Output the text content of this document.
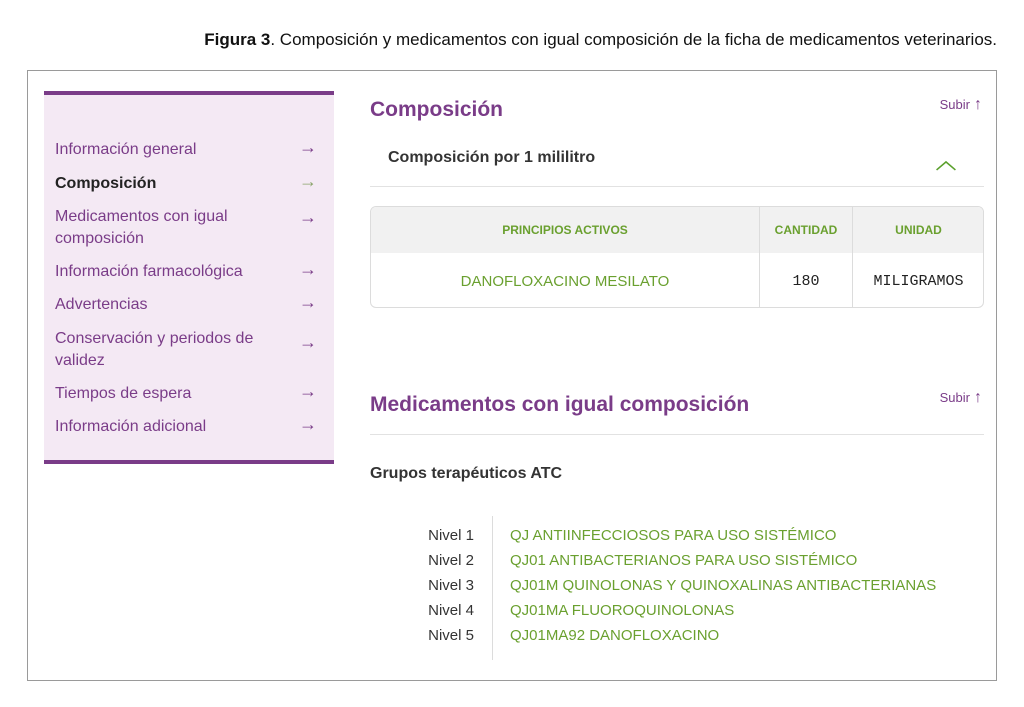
Figura 3. Composición y medicamentos con igual composición de la ficha de medicamentos veterinarios.
Información general	→
Composición	→
Medicamentos con igual composición
→
Información farmacológica	→
Advertencias	→
Conservación y periodos de validez
→
Tiempos de espera	→
Información adicional	→
Composición	Subir ↑
Composición por 1 mililitro	︿
PRINCIPIOS ACTIVOS	CANTIDAD	UNIDAD
DANOFLOXACINO MESILATO	180	MILIGRAMOS
Medicamentos con igual composición	Subir ↑
Grupos terapéuticos ATC
Nivel 1 QJ ANTIINFECCIOSOS PARA USO SISTÉMICO
Nivel 2 QJ01 ANTIBACTERIANOS PARA USO SISTÉMICO
Nivel 3 QJ01M QUINOLONAS Y QUINOXALINAS ANTIBACTERIANAS
Nivel 4 QJ01MA FLUOROQUINOLONAS
Nivel 5 QJ01MA92 DANOFLOXACINO
